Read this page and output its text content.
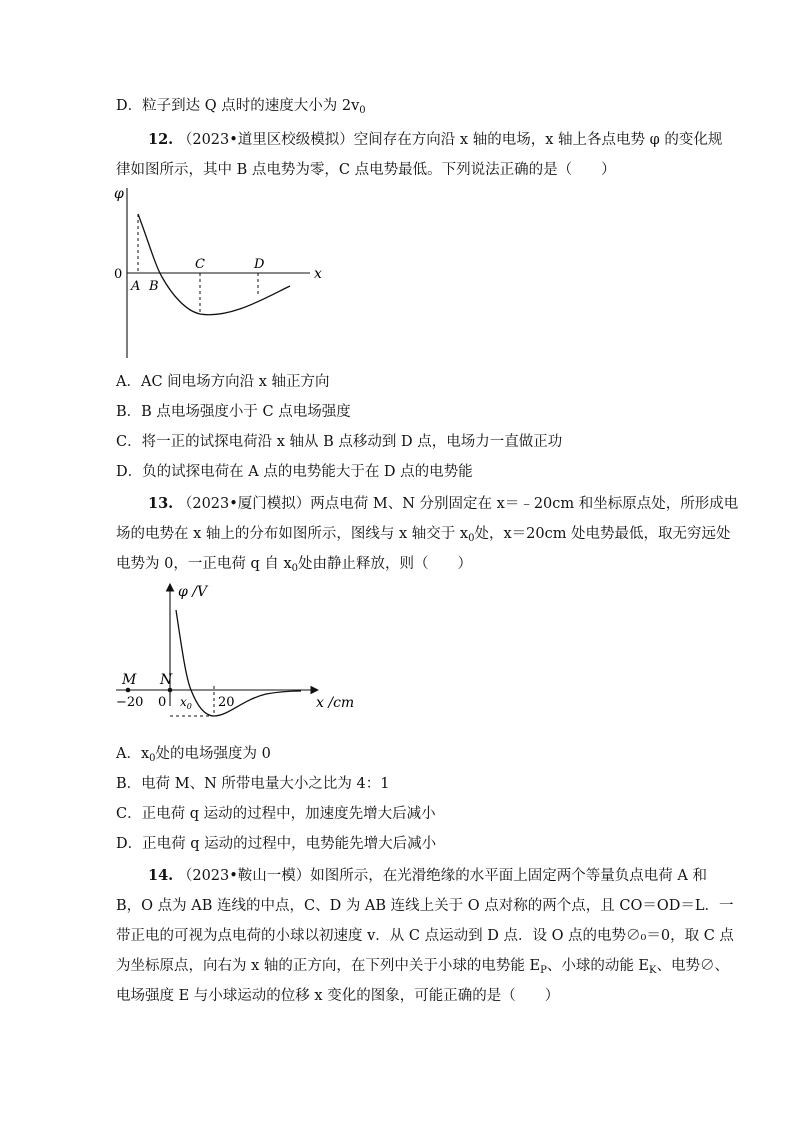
D．粒子到达 Q 点时的速度大小为 $2v_0$
12. （2023•道里区校级模拟）空间存在方向沿 x 轴的电场，x 轴上各点电势 φ 的变化规
律如图所示，其中 B 点电势为零，C 点电势最低。下列说法正确的是（　　）
φ
0	x
A B
C	D
A．AC 间电场方向沿 x 轴正方向
B．B 点电场强度小于 C 点电场强度
C．将一正的试探电荷沿 x 轴从 B 点移动到 D 点，电场力一直做正功
D．负的试探电荷在 A 点的电势能大于在 D 点的电势能
13. （2023•厦门模拟）两点电荷 M、N 分别固定在 x＝﹣20cm 和坐标原点处，所形成电
场的电势在 x 轴上的分布如图所示，图线与 x 轴交于 $x_0$处，x＝20cm 处电势最低，取无穷远处
电势为 0，一正电荷 q 自 $x_0$处由静止释放，则（　　）
φ /V
x /cm
M N
−20 0 $x_0$ 20
A．$x_0$处的电场强度为 0
B．电荷 M、N 所带电量大小之比为 4：1
C．正电荷 q 运动的过程中，加速度先增大后减小
D．正电荷 q 运动的过程中，电势能先增大后减小
14. （2023•鞍山一模）如图所示，在光滑绝缘的水平面上固定两个等量负点电荷 A 和
B，O 点为 AB 连线的中点，C、D 为 AB 连线上关于 O 点对称的两个点，且 CO＝OD＝L．一
带正电的可视为点电荷的小球以初速度 v．从 C 点运动到 D 点．设 O 点的电势∅₀＝0，取 C 点
为坐标原点，向右为 x 轴的正方向，在下列中关于小球的电势能 $E_P$、小球的动能 $E_K$、电势∅、
电场强度 E 与小球运动的位移 x 变化的图象，可能正确的是（　　）
